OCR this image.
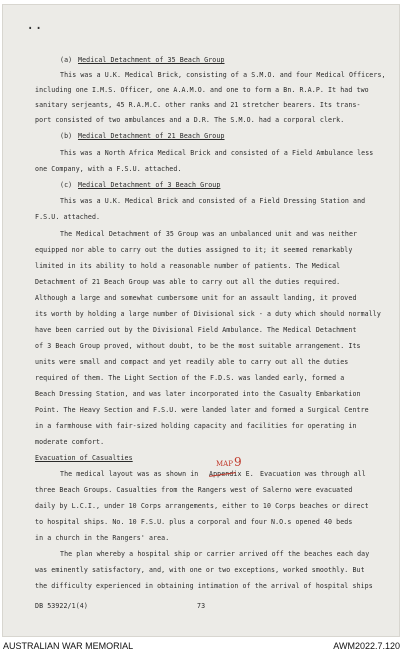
··
(a) Medical Detachment of 35 Beach Group
This was a U.K. Medical Brick, consisting of a S.M.O. and four Medical Officers,
including one I.M.S. Officer, one A.A.M.O. and one to form a Bn. R.A.P. It had two
sanitary serjeants, 45 R.A.M.C. other ranks and 21 stretcher bearers. Its trans-
port consisted of two ambulances and a D.R. The S.M.O. had a corporal clerk.
(b) Medical Detachment of 21 Beach Group
This was a North Africa Medical Brick and consisted of a Field Ambulance less
one Company, with a F.S.U. attached.
(c) Medical Detachment of 3 Beach Group
This was a U.K. Medical Brick and consisted of a Field Dressing Station and
F.S.U. attached.
The Medical Detachment of 35 Group was an unbalanced unit and was neither
equipped nor able to carry out the duties assigned to it; it seemed remarkably
limited in its ability to hold a reasonable number of patients. The Medical
Detachment of 21 Beach Group was able to carry out all the duties required.
Although a large and somewhat cumbersome unit for an assault landing, it proved
its worth by holding a large number of Divisional sick - a duty which should normally
have been carried out by the Divisional Field Ambulance. The Medical Detachment
of 3 Beach Group proved, without doubt, to be the most suitable arrangement. Its
units were small and compact and yet readily able to carry out all the duties
required of them. The Light Section of the F.D.S. was landed early, formed a
Beach Dressing Station, and was later incorporated into the Casualty Embarkation
Point. The Heavy Section and F.S.U. were landed later and formed a Surgical Centre
in a farmhouse with fair-sized holding capacity and facilities for operating in
moderate comfort.
Evacuation of Casualties
The medical layout was as shown in Appendix E. Evacuation was through all
MAP 9
three Beach Groups. Casualties from the Rangers west of Salerno were evacuated
daily by L.C.I., under 10 Corps arrangements, either to 10 Corps beaches or direct
to hospital ships. No. 10 F.S.U. plus a corporal and four N.O.s opened 40 beds
in a church in the Rangers' area.
The plan whereby a hospital ship or carrier arrived off the beaches each day
was eminently satisfactory, and, with one or two exceptions, worked smoothly. But
the difficulty experienced in obtaining intimation of the arrival of hospital ships
DB 53922/1(4)	73
AUSTRALIAN WAR MEMORIAL	AWM2022.7.120
